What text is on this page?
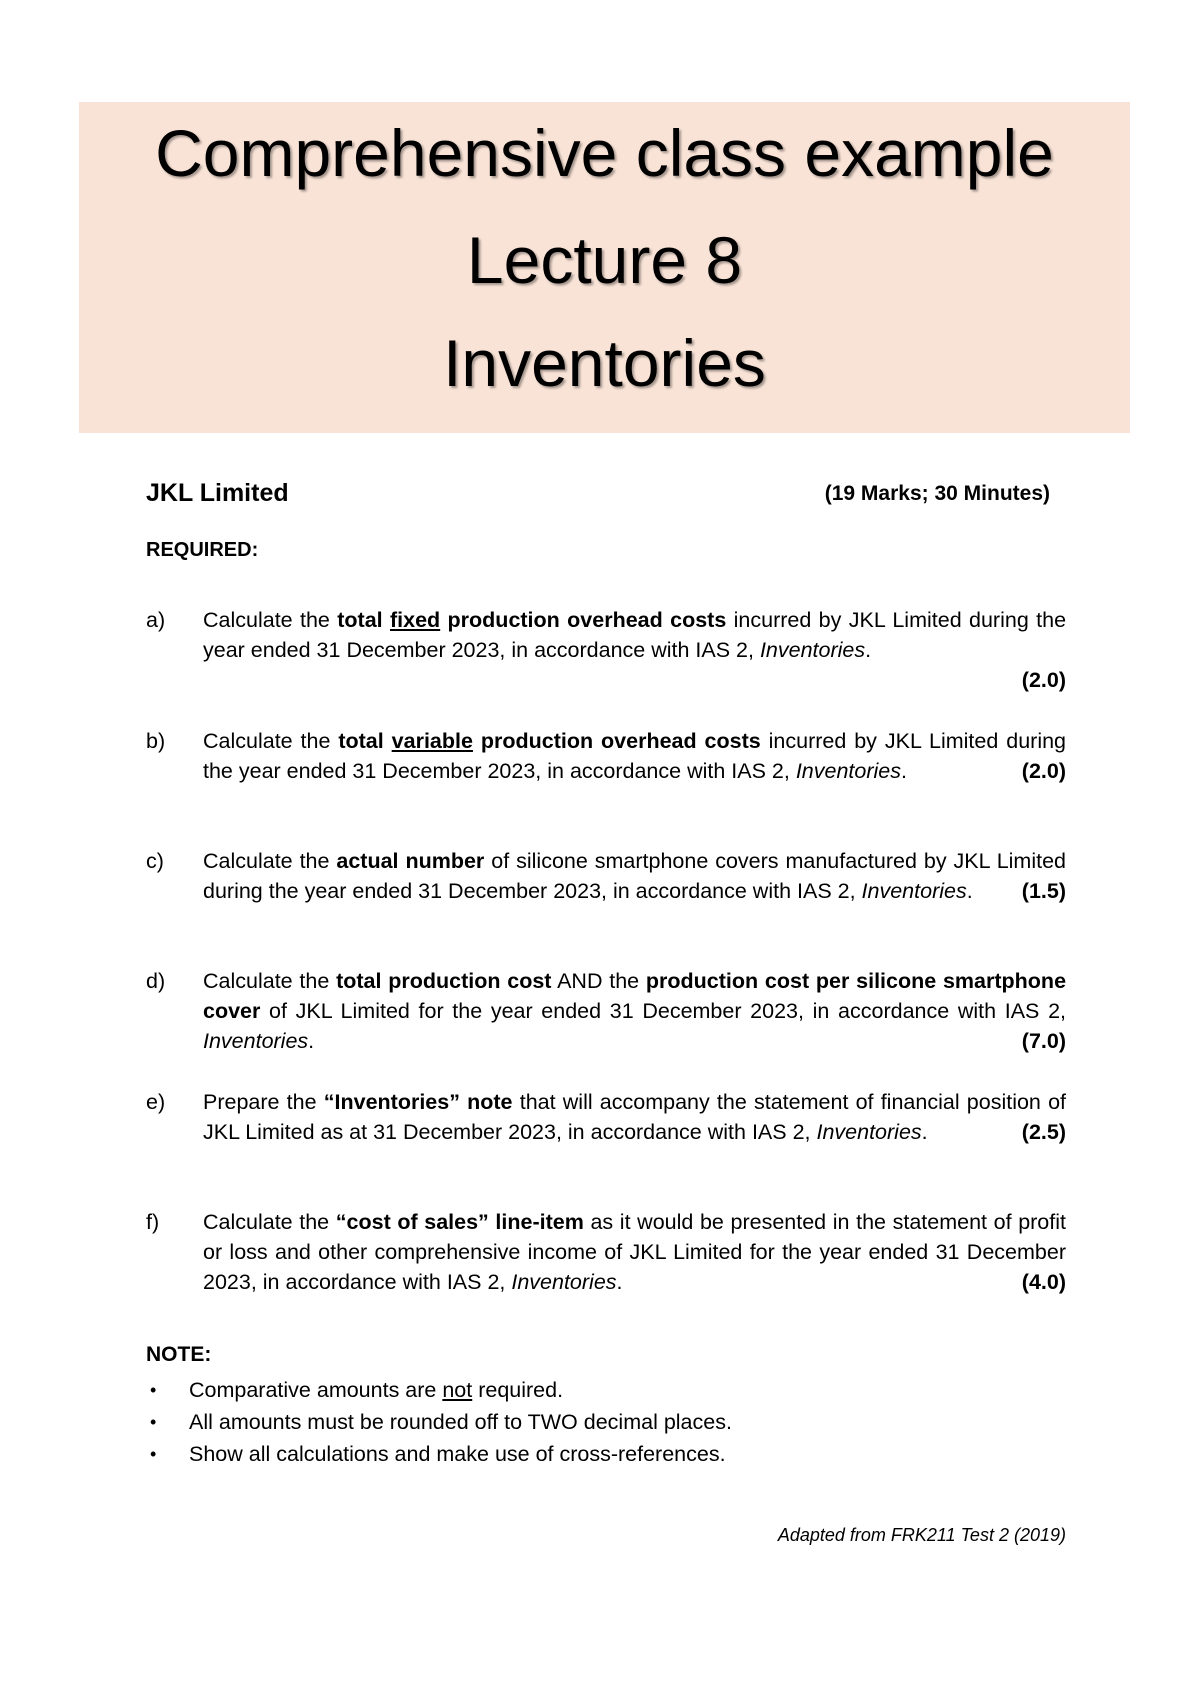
Comprehensive class example
Lecture 8
Inventories
JKL Limited	(19 Marks; 30 Minutes)
REQUIRED:
a) Calculate the total fixed production overhead costs incurred by JKL Limited during the year ended 31 December 2023, in accordance with IAS 2, Inventories.
(2.0)
b) Calculate the total variable production overhead costs incurred by JKL Limited during the year ended 31 December 2023, in accordance with IAS 2, Inventories.	(2.0)
c) Calculate the actual number of silicone smartphone covers manufactured by JKL Limited during the year ended 31 December 2023, in accordance with IAS 2, Inventories. (1.5)
d) Calculate the total production cost AND the production cost per silicone smartphone cover of JKL Limited for the year ended 31 December 2023, in accordance with IAS 2, Inventories.	(7.0)
e) Prepare the “Inventories” note that will accompany the statement of financial position of JKL Limited as at 31 December 2023, in accordance with IAS 2, Inventories.	(2.5)
f) Calculate the “cost of sales” line-item as it would be presented in the statement of profit or loss and other comprehensive income of JKL Limited for the year ended 31 December 2023, in accordance with IAS 2, Inventories.	(4.0)
NOTE:
• Comparative amounts are not required.
• All amounts must be rounded off to TWO decimal places.
• Show all calculations and make use of cross-references.
Adapted from FRK211 Test 2 (2019)
